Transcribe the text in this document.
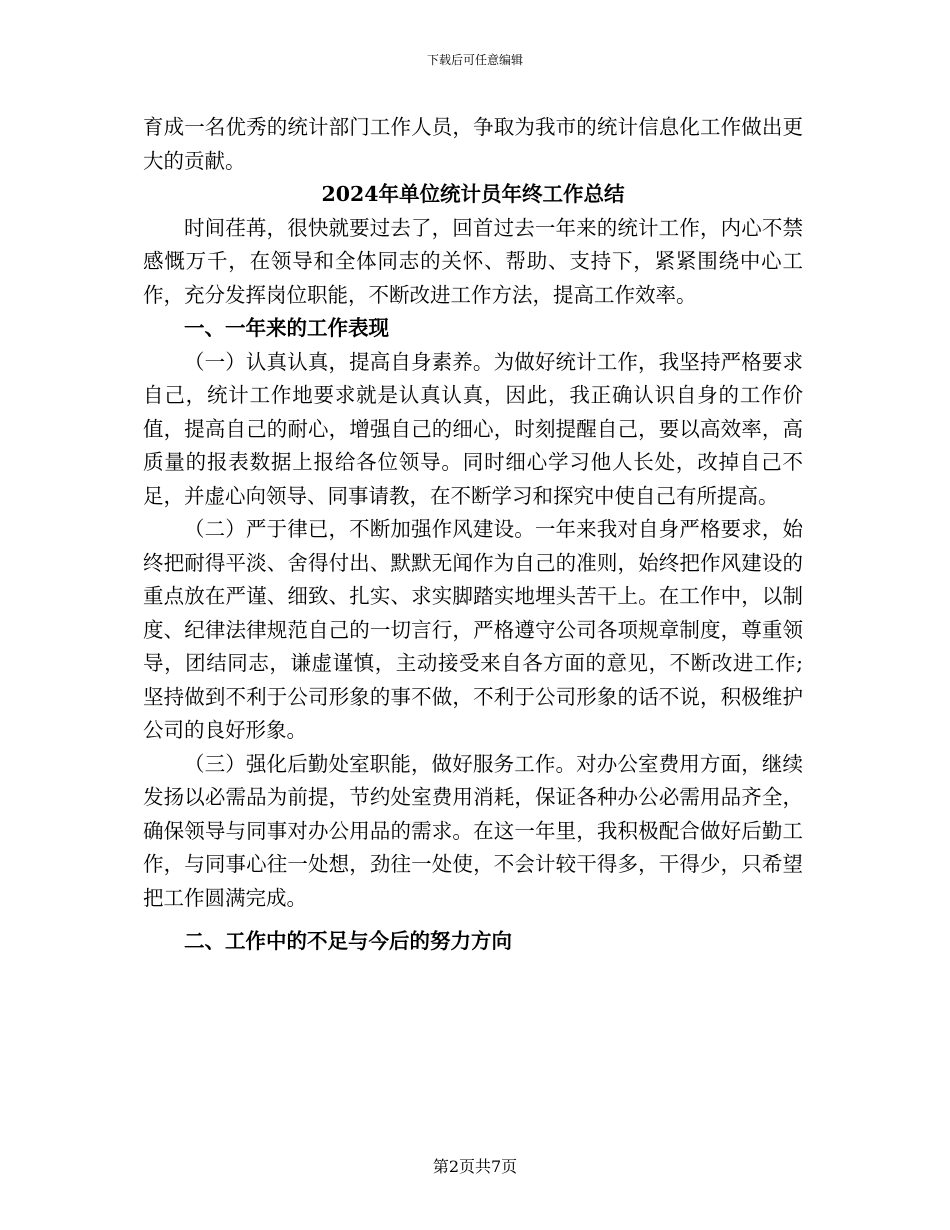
下载后可任意编辑

育成一名优秀的统计部门工作人员，争取为我市的统计信息化工作做出更大的贡献。

2024年单位统计员年终工作总结

时间荏苒，很快就要过去了，回首过去一年来的统计工作，内心不禁感慨万千，在领导和全体同志的关怀、帮助、支持下，紧紧围绕中心工作，充分发挥岗位职能，不断改进工作方法，提高工作效率。

一、一年来的工作表现

（一）认真认真，提高自身素养。为做好统计工作，我坚持严格要求自己，统计工作地要求就是认真认真，因此，我正确认识自身的工作价值，提高自己的耐心，增强自己的细心，时刻提醒自己，要以高效率，高质量的报表数据上报给各位领导。同时细心学习他人长处，改掉自己不足，并虚心向领导、同事请教，在不断学习和探究中使自己有所提高。

（二）严于律已，不断加强作风建设。一年来我对自身严格要求，始终把耐得平淡、舍得付出、默默无闻作为自己的准则，始终把作风建设的重点放在严谨、细致、扎实、求实脚踏实地埋头苦干上。在工作中，以制度、纪律法律规范自己的一切言行，严格遵守公司各项规章制度，尊重领导，团结同志，谦虚谨慎，主动接受来自各方面的意见，不断改进工作;坚持做到不利于公司形象的事不做，不利于公司形象的话不说，积极维护公司的良好形象。

（三）强化后勤处室职能，做好服务工作。对办公室费用方面，继续发扬以必需品为前提，节约处室费用消耗，保证各种办公必需用品齐全，确保领导与同事对办公用品的需求。在这一年里，我积极配合做好后勤工作，与同事心往一处想，劲往一处使，不会计较干得多，干得少，只希望把工作圆满完成。

二、工作中的不足与今后的努力方向
第2页共7页
